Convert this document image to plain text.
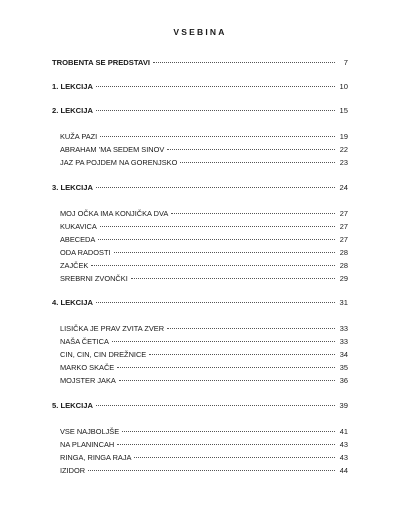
VSEBINA
TROBENTA SE PREDSTAVI	7
1. LEKCIJA	10
2. LEKCIJA	15
KUŽA PAZI	19
ABRAHAM ’MA SEDEM SINOV	22
JAZ PA POJDEM NA GORENJSKO	23
3. LEKCIJA	24
MOJ OČKA IMA KONJIČKA DVA	27
KUKAVICA	27
ABECEDA	27
ODA RADOSTI	28
ZAJČEK	28
SREBRNI ZVONČKI	29
4. LEKCIJA	31
LISIČKA JE PRAV ZVITA ZVER	33
NAŠA ČETICA	33
CIN, CIN, CIN DREŽNICE	34
MARKO SKAČE	35
MOJSTER JAKA	36
5. LEKCIJA	39
VSE NAJBOLJŠE	41
NA PLANINCAH	43
RINGA, RINGA RAJA	43
IZIDOR	44
